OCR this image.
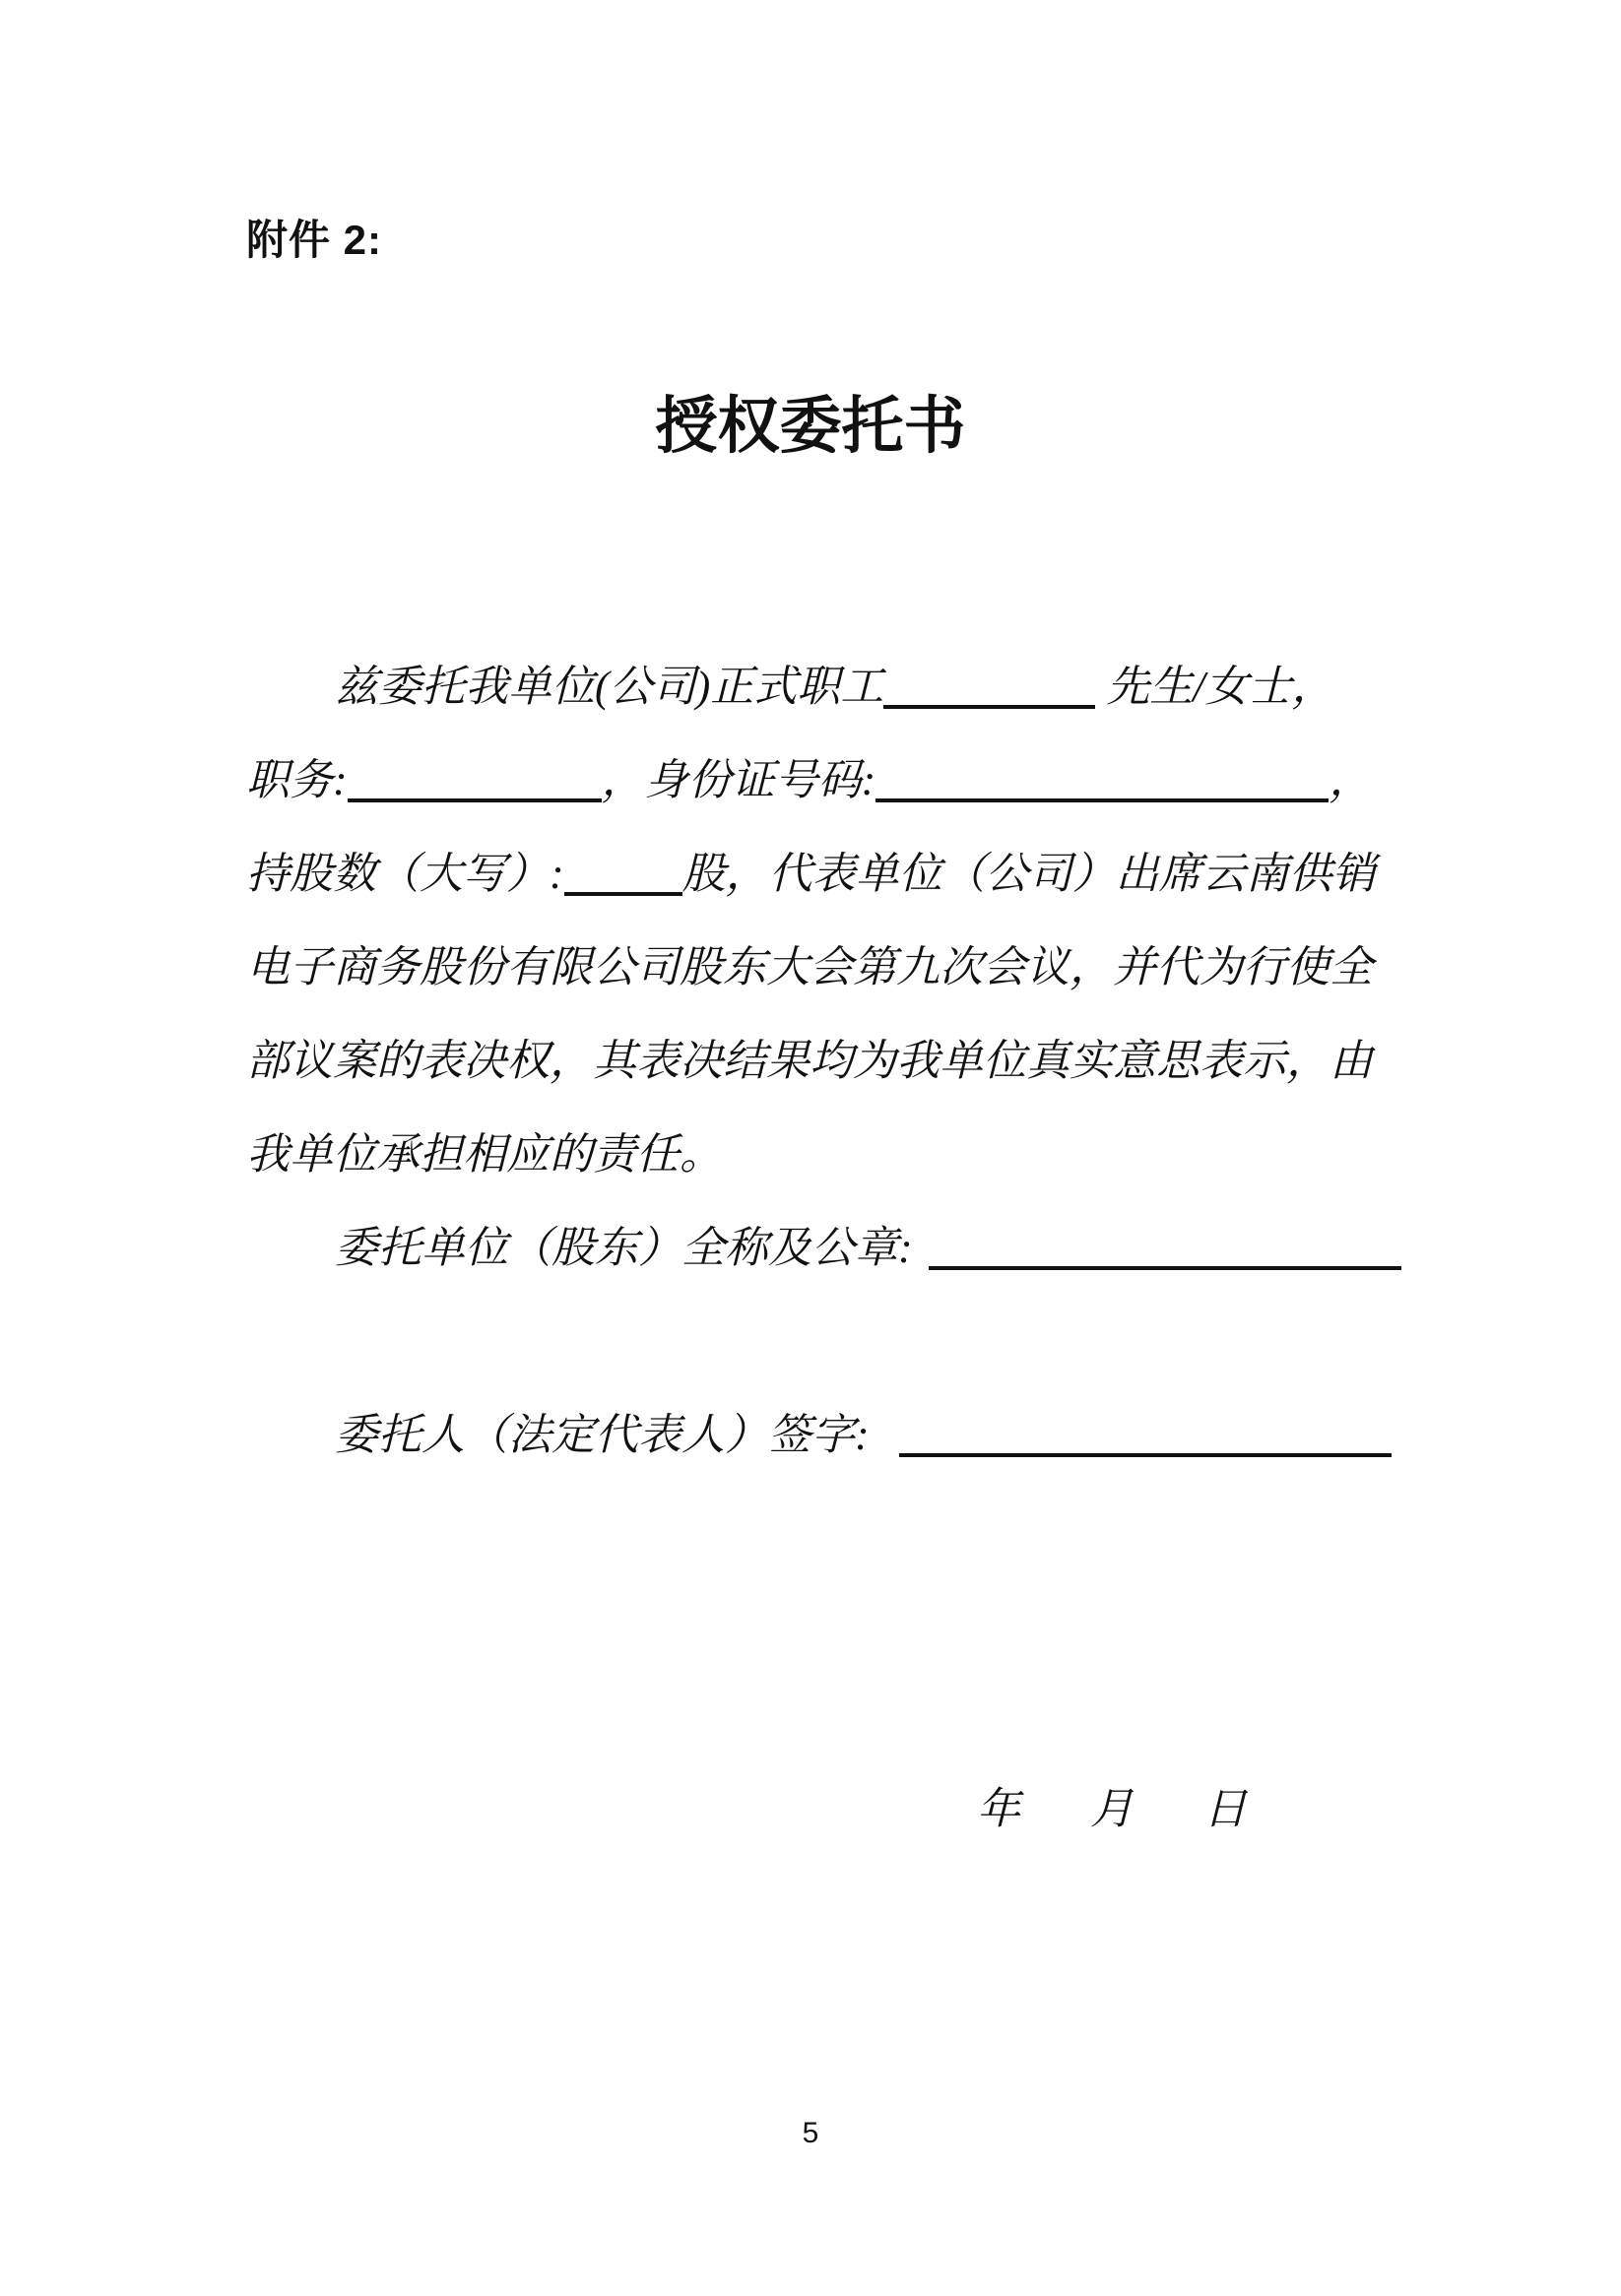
附件 2:
授权委托书
兹委托我单位(公司)正式职工	先生/女士，
职务:	，身份证号码:	，
持股数（大写）:	股，代表单位（公司）出席云南供销
电子商务股份有限公司股东大会第九次会议，并代为行使全
部议案的表决权，其表决结果均为我单位真实意思表示，由
我单位承担相应的责任。
委托单位（股东）全称及公章:
委托人（法定代表人）签字:
年 月 日
5
